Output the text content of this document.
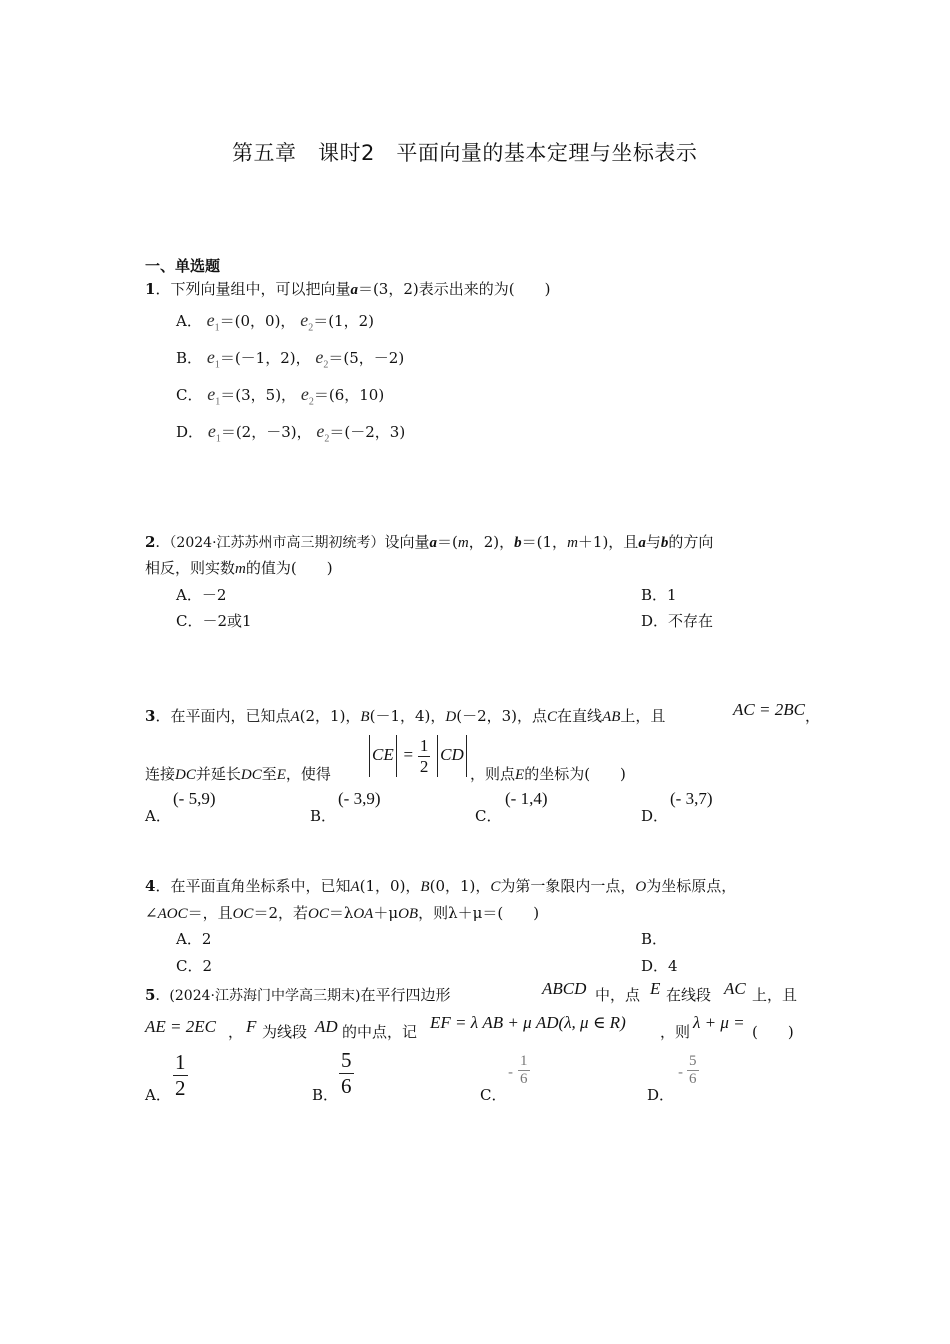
第五章　课时2　平面向量的基本定理与坐标表示
一、单选题
1．下列向量组中，可以把向量a＝(3，2)表示出来的为(　　)
A． $e_1=(0$，0)， $e_2=(1$，2)
B． $e_1=(-1$，2)， $e_2=(5$，－2)
C． $e_1=(3$，5)， $e_2=(6$，10)
D． $e_1=(2$，－3)， $e_2=(-2$，3)
2．（2024·江苏苏州市高三期初统考）设向量a＝(m，2)，b＝(1，m＋1)，且a与b的方向
相反，则实数m的值为(　　)
A．－2	B．1
C．－2或1	D．不存在
3．在平面内，已知点A(2，1)，B(－1，4)，D(－2，3)，点C在直线AB上，且	AC = 2BC ，
连接DC并延长DC至E，使得
CE = $\frac{1}{2}$ CD
，则点E的坐标为(　　)
A．
(- 5,9)
B．
(- 3,9)
C．
(- 1,4)
D．
(- 3,7)
4．在平面直角坐标系中，已知A(1，0)，B(0，1)，C为第一象限内一点，O为坐标原点，
∠AOC＝，且OC＝2，若OC＝λOA＋μOB，则λ＋μ＝(　　)
A．2	B．
C．2	D．4
5．(2024·江苏海门中学高三期末)在平行四边形	ABCD 中，点 E 在线段 AC 上，且
AE = 2EC ， F 为线段 AD 的中点，记 EF = λ AB + μ AD(λ, μ ∈ R) ，则 λ + μ = (　　)
A． $\frac{1}{2}$	B． $\frac{5}{6}$	C．
- $\frac{1}{6}$
D．
- $\frac{5}{6}$
